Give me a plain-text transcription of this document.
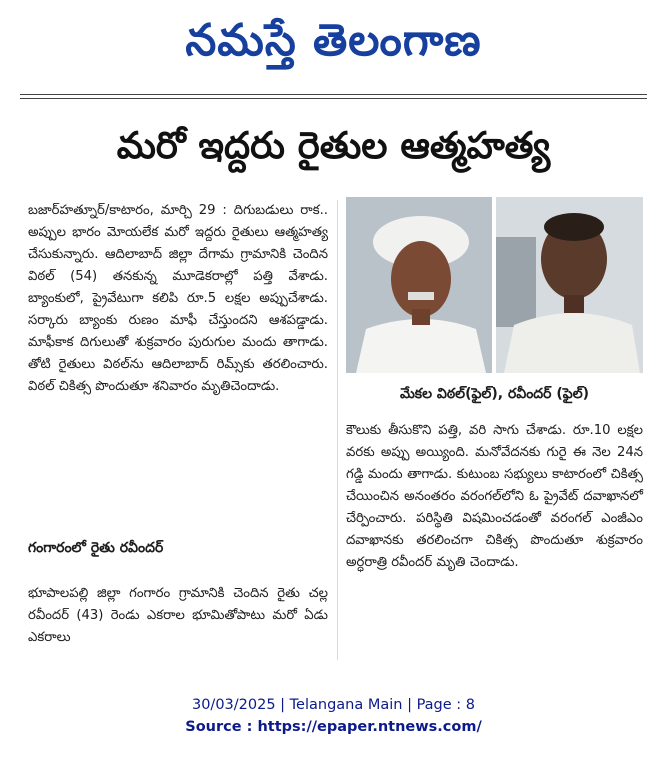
నమస్తే తెలంగాణ
మరో ఇద్దరు రైతుల ఆత్మహత్య

బజార్‌హత్నూర్/కాటారం, మార్చి 29 : దిగుబడులు రాక.. అప్పుల భారం మోయలేక మరో ఇద్దరు రైతులు ఆత్మహత్య చేసుకున్నారు. ఆదిలాబాద్ జిల్లా దేగామ గ్రామానికి చెందిన విఠల్ (54) తనకున్న మూడెకరాల్లో పత్తి వేశాడు. బ్యాంకులో, ప్రైవేటుగా కలిపి రూ.5 లక్షల అప్పుచేశాడు. సర్కారు బ్యాంకు రుణం మాఫీ చేస్తుందని ఆశపడ్డాడు. మాఫీకాక దిగులుతో శుక్రవారం పురుగుల మందు తాగాడు. తోటి రైతులు విఠల్‌ను ఆదిలాబాద్ రిమ్స్‌కు తరలించారు. విఠల్ చికిత్స పొందుతూ శనివారం మృతిచెందాడు.

గంగారంలో రైతు రవీందర్

భూపాలపల్లి జిల్లా గంగారం గ్రామానికి చెందిన రైతు చల్ల రవీందర్ (43) రెండు ఎకరాల భూమితోపాటు మరో ఏడు ఎకరాలు

మేకల విఠల్(ఫైల్), రవీందర్ (ఫైల్)

కౌలుకు తీసుకొని పత్తి, వరి సాగు చేశాడు. రూ.10 లక్షల వరకు అప్పు అయ్యింది. మనోవేదనకు గురై ఈ నెల 24న గడ్డి మందు తాగాడు. కుటుంబ సభ్యులు కాటారంలో చికిత్స చేయించిన అనంతరం వరంగల్‌లోని ఓ ప్రైవేట్ దవాఖానలో చేర్పించారు. పరిస్థితి విషమించడంతో వరంగల్ ఎంజీఎం దవాఖానకు తరలించగా చికిత్స పొందుతూ శుక్రవారం అర్ధరాత్రి రవీందర్ మృతి చెందాడు.

30/03/2025 | Telangana Main | Page : 8
Source : https://epaper.ntnews.com/
